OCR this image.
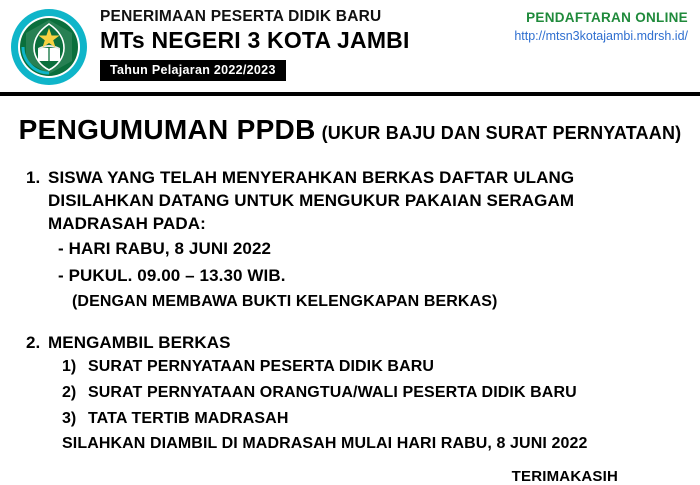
PENERIMAAN PESERTA DIDIK BARU
MTs NEGERI 3 KOTA JAMBI
Tahun Pelajaran 2022/2023
PENDAFTARAN ONLINE
http://mtsn3kotajambi.mdrsh.id/
PENGUMUMAN PPDB (UKUR BAJU DAN SURAT PERNYATAAN)
1. SISWA YANG TELAH MENYERAHKAN BERKAS DAFTAR ULANG DISILAHKAN DATANG UNTUK MENGUKUR PAKAIAN SERAGAM MADRASAH PADA:
- HARI RABU, 8 JUNI 2022
- PUKUL. 09.00 – 13.30 WIB.
(DENGAN MEMBAWA BUKTI KELENGKAPAN BERKAS)
2. MENGAMBIL BERKAS
1) SURAT PERNYATAAN PESERTA DIDIK BARU
2) SURAT PERNYATAAN ORANGTUA/WALI PESERTA DIDIK BARU
3) TATA TERTIB MADRASAH
SILAHKAN DIAMBIL DI MADRASAH MULAI HARI RABU, 8 JUNI 2022
TERIMAKASIH
